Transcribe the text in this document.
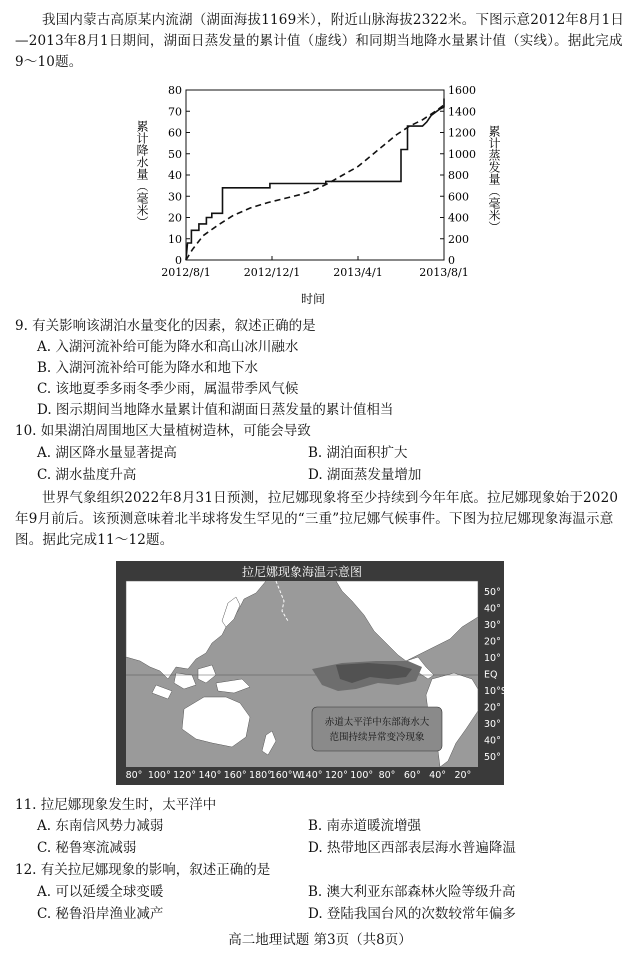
我国内蒙古高原某内流湖（湖面海拔1169米），附近山脉海拔2322米。下图示意2012年8月1日—2013年8月1日期间，湖面日蒸发量的累计值（虚线）和同期当地降水量累计值（实线）。据此完成9～10题。
0
10
20
30
40
50
60
70
80
0
200
400
600
800
1000
1200
1400
1600
2012/8/1	2012/12/1	2013/4/1	2013/8/1
累计降水量（毫米）	累计蒸发量（毫米）
时间
9. 有关影响该湖泊水量变化的因素，叙述正确的是
A. 入湖河流补给可能为降水和高山冰川融水
B. 入湖河流补给可能为降水和地下水
C. 该地夏季多雨冬季少雨，属温带季风气候
D. 图示期间当地降水量累计值和湖面日蒸发量的累计值相当
10. 如果湖泊周围地区大量植树造林，可能会导致
A. 湖区降水量显著提高	B. 湖泊面积扩大
C. 湖水盐度升高	D. 湖面蒸发量增加
世界气象组织2022年8月31日预测，拉尼娜现象将至少持续到今年年底。拉尼娜现象始于2020年9月前后。该预测意味着北半球将发生罕见的“三重”拉尼娜气候事件。下图为拉尼娜现象海温示意图。据此完成11～12题。
拉尼娜现象海温示意图
赤道太平洋中东部海水大
范围持续异常变冷现象
50°
40°
30°
20°
10°
EQ
10°S
20°
30°
40°
50°
80° 100° 120° 140° 160° 180°
160°W
140° 120° 100° 80° 60° 40° 20°
11. 拉尼娜现象发生时，太平洋中
A. 东南信风势力减弱	B. 南赤道暖流增强
C. 秘鲁寒流减弱	D. 热带地区西部表层海水普遍降温
12. 有关拉尼娜现象的影响，叙述正确的是
A. 可以延缓全球变暖	B. 澳大利亚东部森林火险等级升高
C. 秘鲁沿岸渔业减产	D. 登陆我国台风的次数较常年偏多
高二地理试题 第3页（共8页）
